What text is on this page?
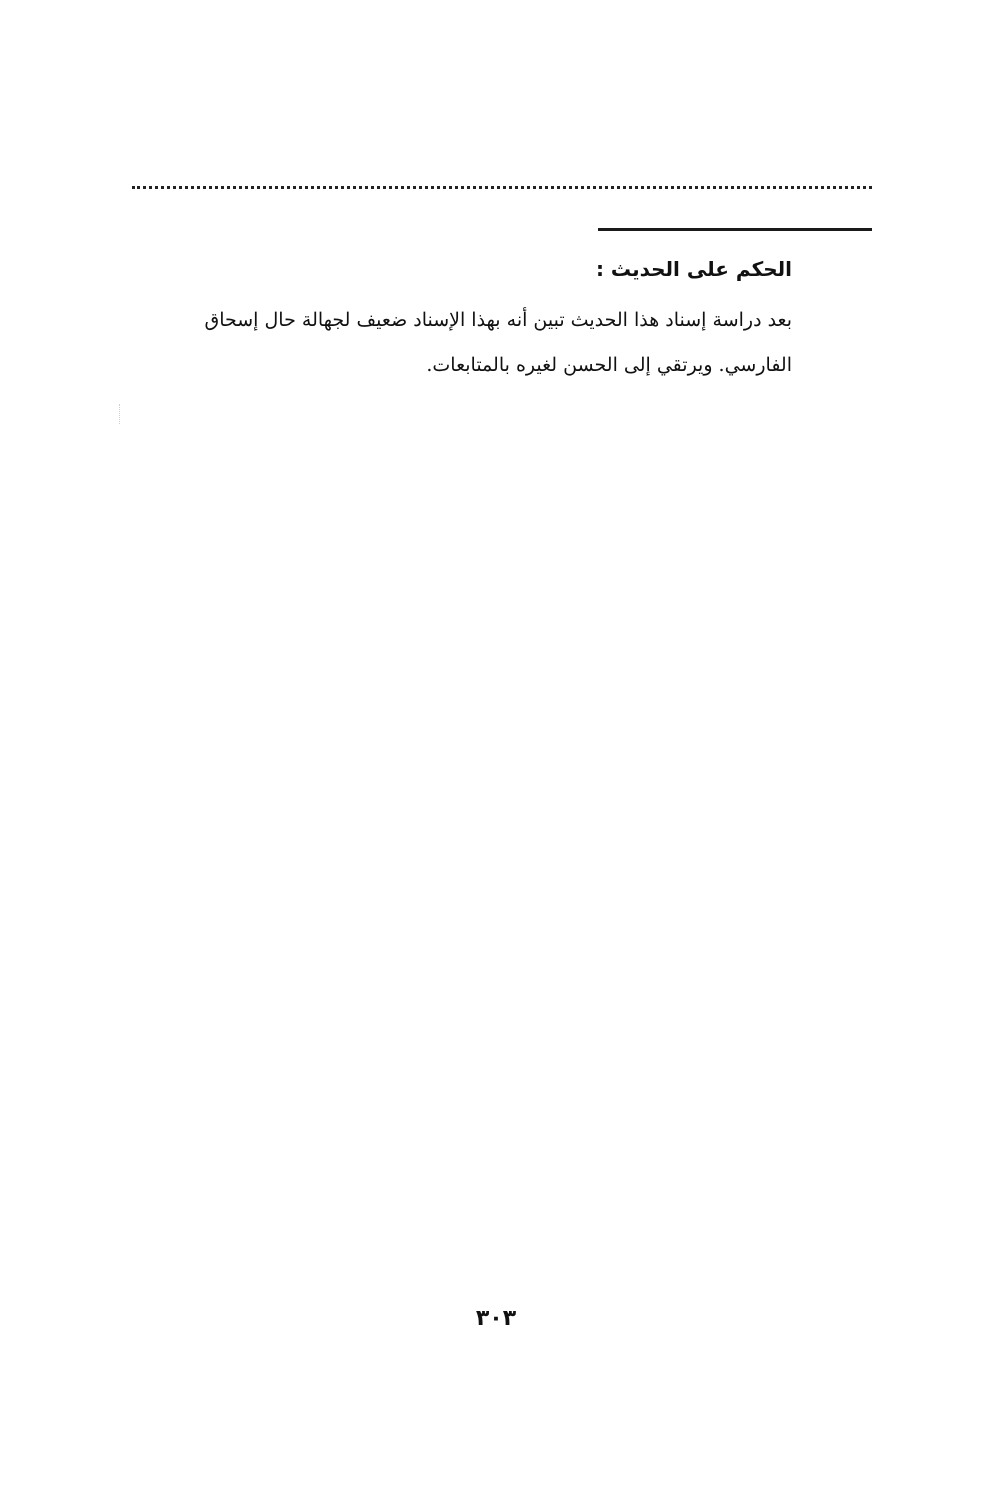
الحكم على الحديث :
بعد دراسة إسناد هذا الحديث تبين أنه بهذا الإسناد ضعيف لجهالة حال إسحاق
الفارسي. ويرتقي إلى الحسن لغيره بالمتابعات.
٣٠٣
